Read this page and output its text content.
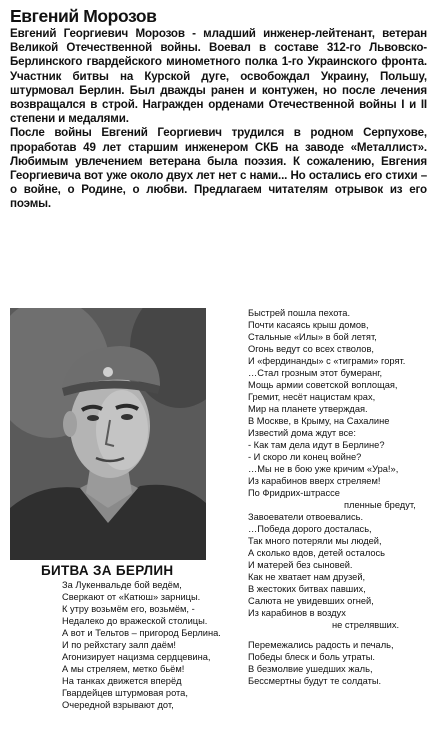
Евгений Морозов

Евгений Георгиевич Морозов - младший инженер-лейтенант, ветеран Великой Отечественной войны. Воевал в составе 312-го Львовско-Берлинского гвардейского минометного полка 1-го Украинского фронта. Участник битвы на Курской дуге, освобождал Украину, Польшу, штурмовал Берлин. Был дважды ранен и контужен, но после лечения возвращался в строй. Награжден орденами Отечественной войны I и II степени и медалями.

После войны Евгений Георгиевич трудился в родном Серпухове, проработав 49 лет старшим инженером СКБ на заводе «Металлист». Любимым увлечением ветерана была поэзия. К сожалению, Евгения Георгиевича вот уже около двух лет нет с нами... Но остались его стихи – о войне, о Родине, о любви. Предлагаем читателям отрывок из его поэмы.

БИТВА ЗА БЕРЛИН
За Лукенвальде бой ведём,
Сверкают от «Катюш» зарницы.
К утру возьмём его, возьмём, -
Недалеко до вражеской столицы.
А вот и Тельтов – пригород Берлина.
И по рейхстагу залп даём!
Агонизирует нацизма сердцевина,
А мы стреляем, метко бьём!
На танках движется вперёд
Гвардейцев штурмовая рота,
Очередной взрывают дот,
Быстрей пошла пехота.
Почти касаясь крыш домов,
Стальные «Илы» в бой летят,
Огонь ведут со всех стволов,
И «фердинанды» с «тиграми» горят.
…Стал грозным этот бумеранг,
Мощь армии советской воплощая,
Гремит, несёт нацистам крах,
Мир на планете утверждая.
В Москве, в Крыму, на Сахалине
Известий дома ждут все:
- Как там дела идут в Берлине?
- И скоро ли конец войне?
…Мы не в бою уже кричим «Ура!»,
Из карабинов вверх стреляем!
По Фридрих-штрассе
пленные бредут,
Завоеватели отвоевались.
…Победа дорого досталась,
Так много потеряли мы людей,
А сколько вдов, детей осталось
И матерей без сыновей.
Как не хватает нам друзей,
В жестоких битвах павших,
Салюта не увидевших огней,
Из карабинов в воздух
не стрелявших.
Перемежались радость и печаль,
Победы блеск и боль утраты.
В безмолвие ушедших жаль,
Бессмертны будут те солдаты.
